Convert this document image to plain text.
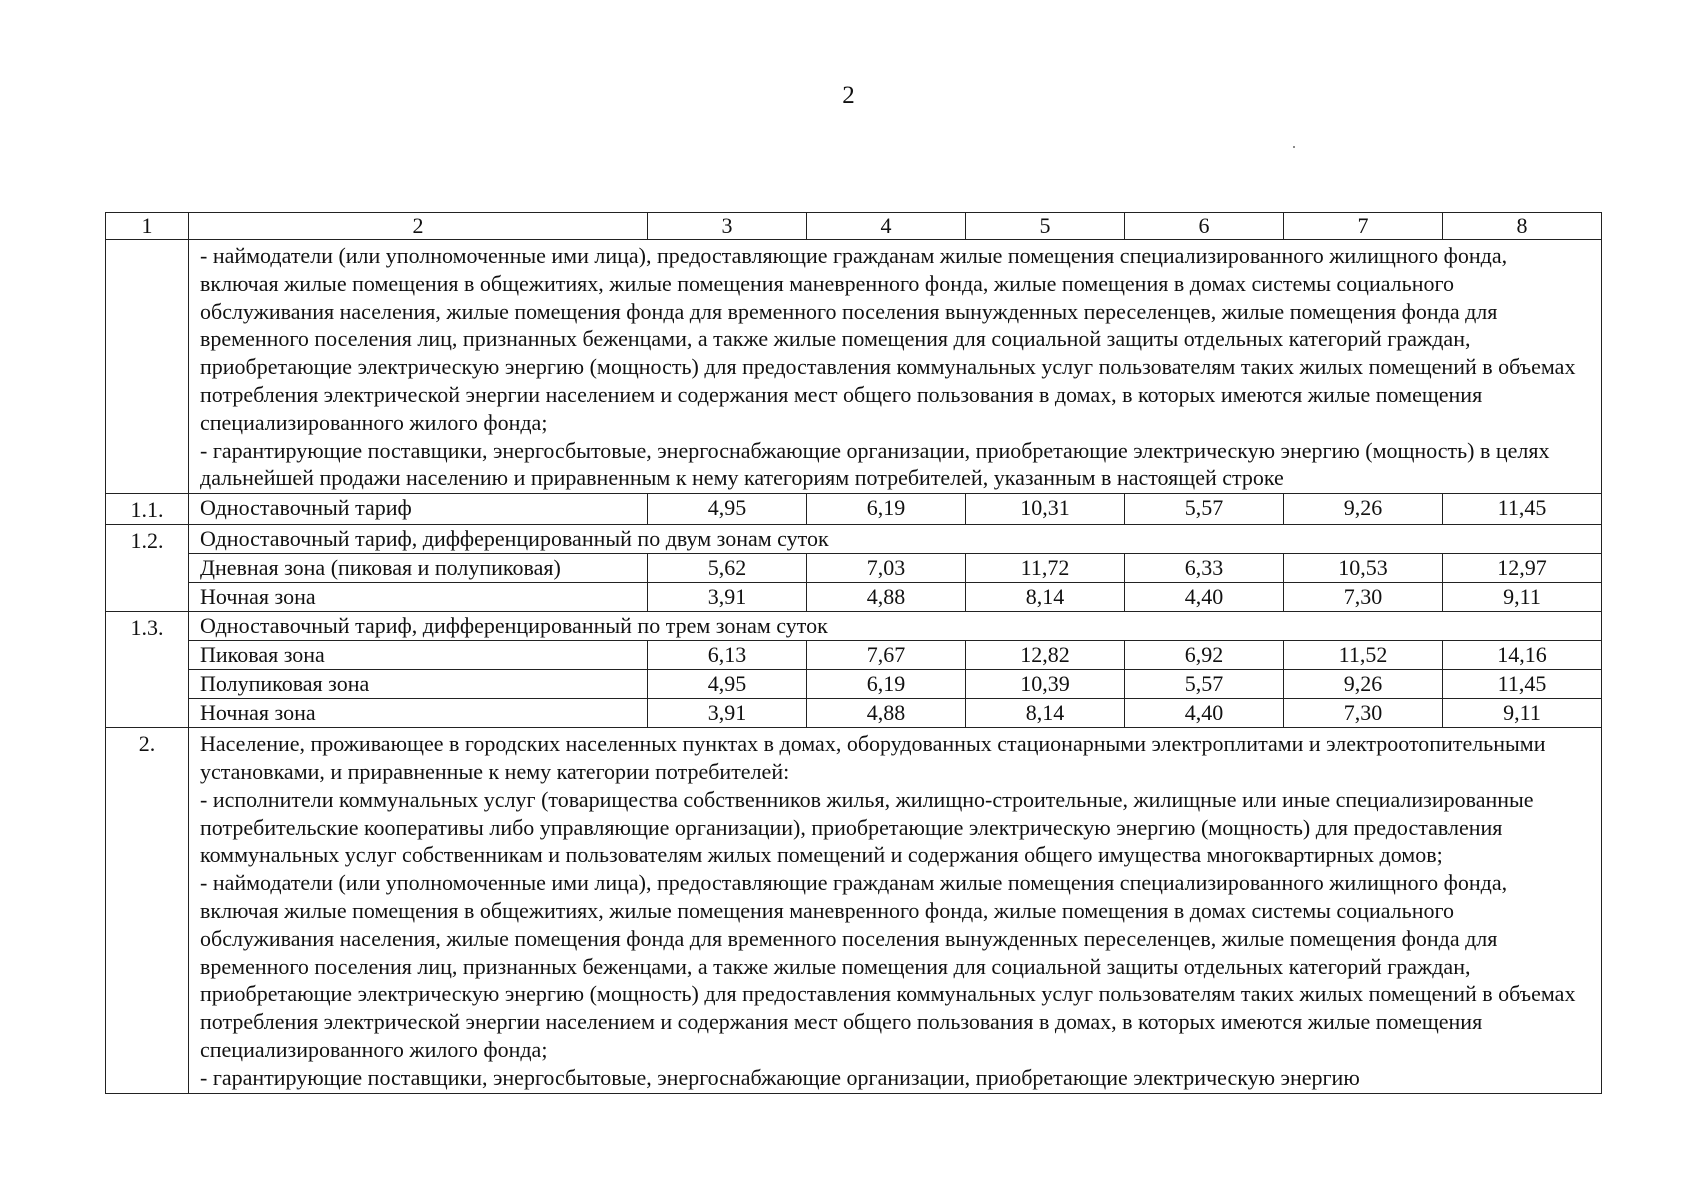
2
1	2	3	4	5	6	7	8

	- наймодатели (или уполномоченные ими лица), предоставляющие гражданам жилые помещения специализированного жилищного фонда, включая жилые помещения в общежитиях, жилые помещения маневренного фонда, жилые помещения в домах системы социального обслуживания населения, жилые помещения фонда для временного поселения вынужденных переселенцев, жилые помещения фонда для временного поселения лиц, признанных беженцами, а также жилые помещения для социальной защиты отдельных категорий граждан, приобретающие электрическую энергию (мощность) для предоставления коммунальных услуг пользователям таких жилых помещений в объемах потребления электрической энергии населением и содержания мест общего пользования в домах, в которых имеются жилые помещения специализированного жилого фонда;
- гарантирующие поставщики, энергосбытовые, энергоснабжающие организации, приобретающие электрическую энергию (мощность) в целях дальнейшей продажи населению и приравненным к нему категориям потребителей, указанным в настоящей строке						

1.1.	Одноставочный тариф	4,95	6,19	10,31	5,57	9,26	11,45
1.2.	Одноставочный тариф, дифференцированный по двум зонам суток						
	Дневная зона (пиковая и полупиковая)	5,62	7,03	11,72	6,33	10,53	12,97
	Ночная зона	3,91	4,88	8,14	4,40	7,30	9,11
1.3.	Одноставочный тариф, дифференцированный по трем зонам суток						
	Пиковая зона	6,13	7,67	12,82	6,92	11,52	14,16
	Полупиковая зона	4,95	6,19	10,39	5,57	9,26	11,45
	Ночная зона	3,91	4,88	8,14	4,40	7,30	9,11
2.	Население, проживающее в городских населенных пунктах в домах, оборудованных стационарными электроплитами и электроотопительными установками, и приравненные к нему категории потребителей:
- исполнители коммунальных услуг (товарищества собственников жилья, жилищно-строительные, жилищные или иные специализированные потребительские кооперативы либо управляющие организации), приобретающие электрическую энергию (мощность) для предоставления коммунальных услуг собственникам и пользователям жилых помещений и содержания общего имущества многоквартирных домов;
- наймодатели (или уполномоченные ими лица), предоставляющие гражданам жилые помещения специализированного жилищного фонда, включая жилые помещения в общежитиях, жилые помещения маневренного фонда, жилые помещения в домах системы социального обслуживания населения, жилые помещения фонда для временного поселения вынужденных переселенцев, жилые помещения фонда для временного поселения лиц, признанных беженцами, а также жилые помещения для социальной защиты отдельных категорий граждан, приобретающие электрическую энергию (мощность) для предоставления коммунальных услуг пользователям таких жилых помещений в объемах потребления электрической энергии населением и содержания мест общего пользования в домах, в которых имеются жилые помещения специализированного жилого фонда;
- гарантирующие поставщики, энергосбытовые, энергоснабжающие организации, приобретающие электрическую энергию						
